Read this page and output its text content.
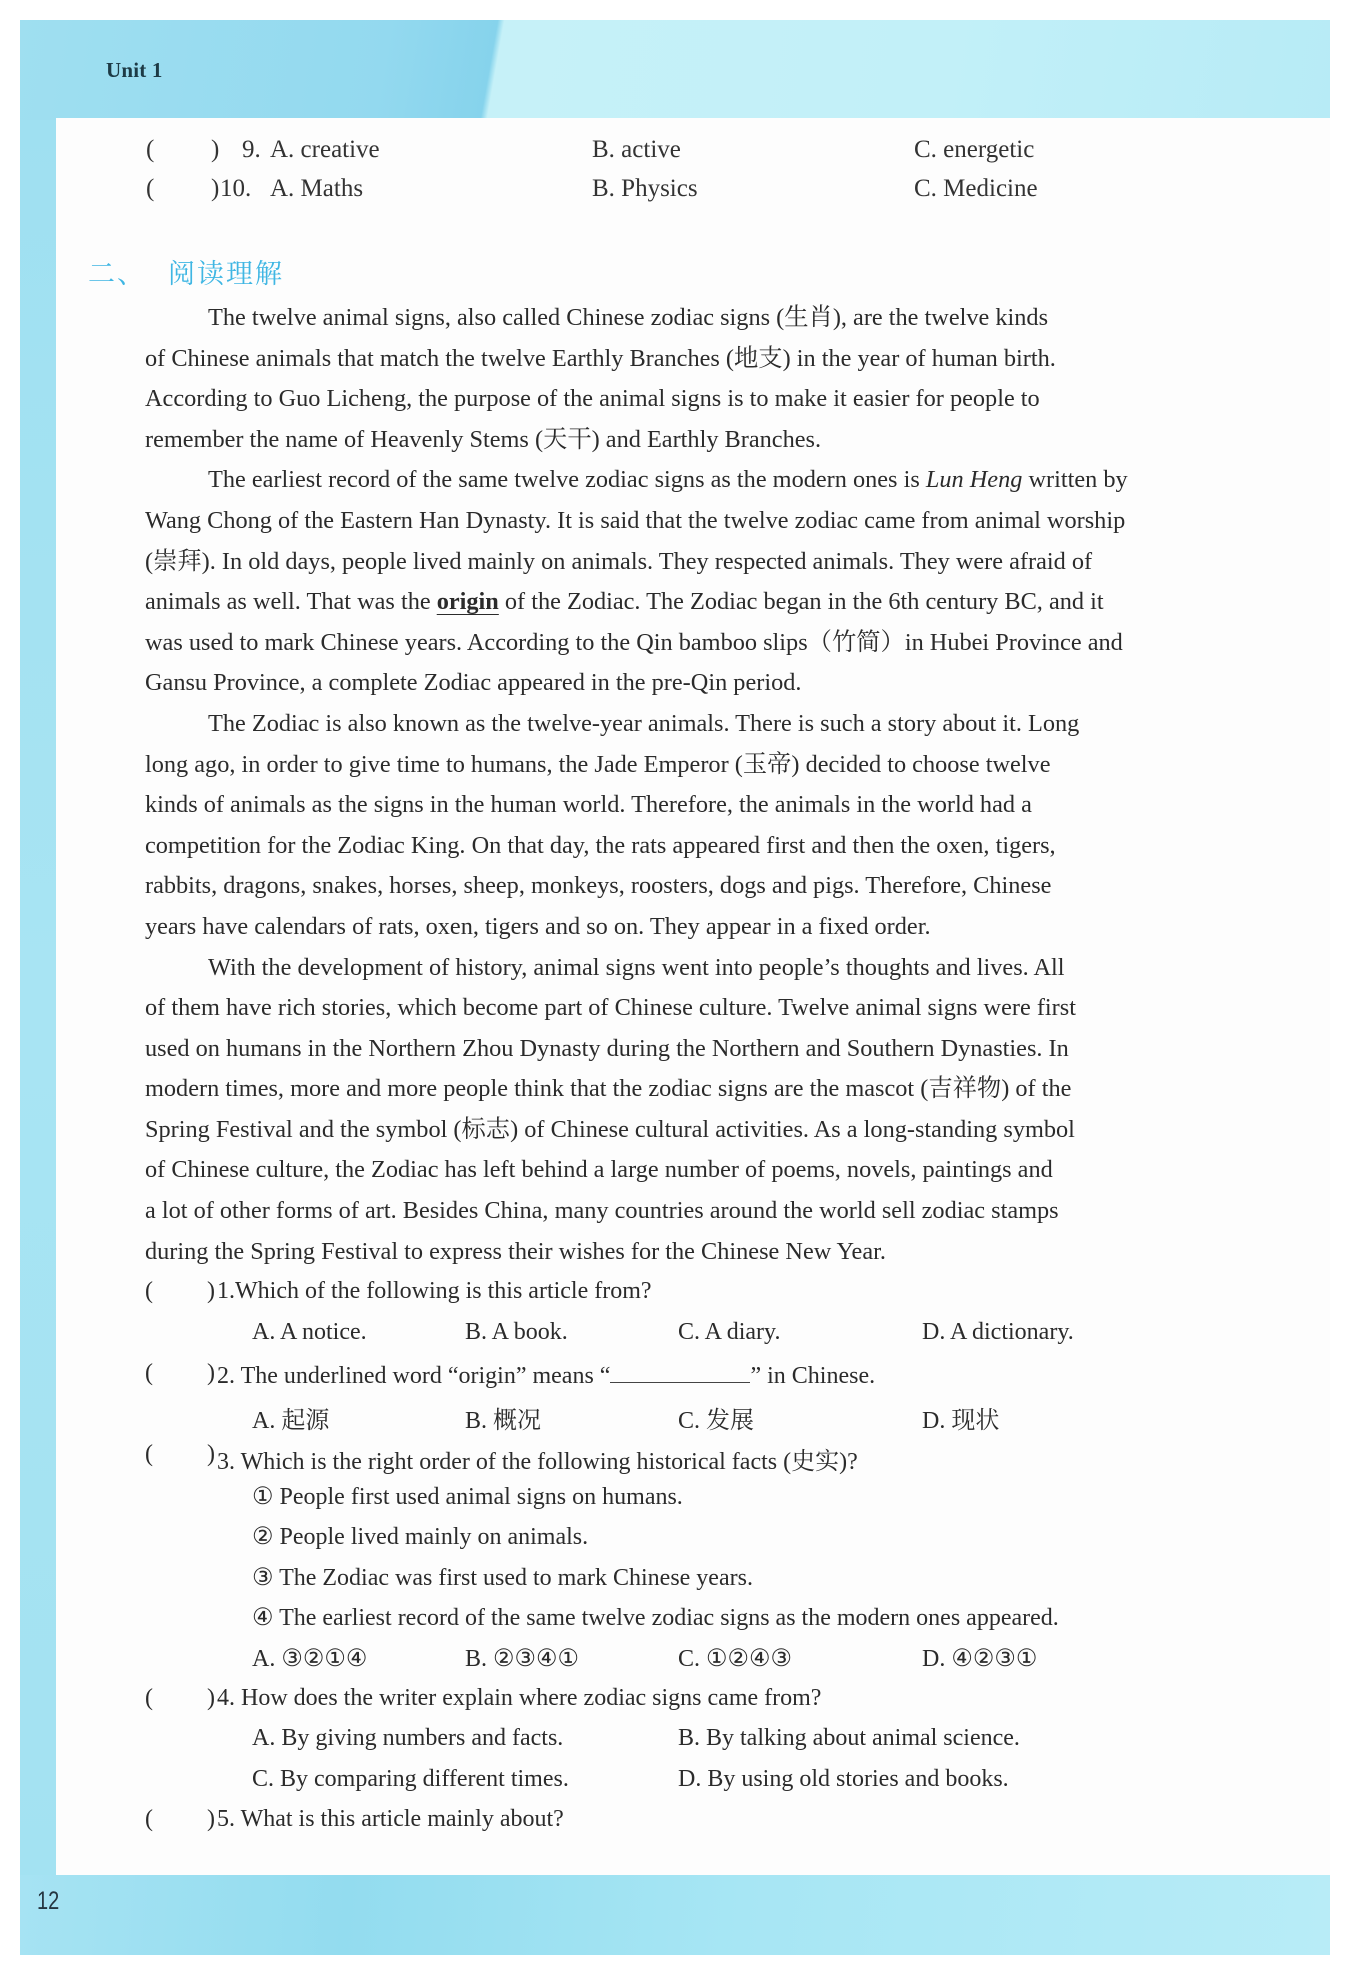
Unit 1
12
( ) 9. A. creative	B. active	C. energetic
( ) 10. A. Maths	B. Physics	C. Medicine
二、 阅读理解
The twelve animal signs, also called Chinese zodiac signs (生肖), are the twelve kinds
of Chinese animals that match the twelve Earthly Branches (地支) in the year of human birth.
According to Guo Licheng, the purpose of the animal signs is to make it easier for people to
remember the name of Heavenly Stems (天干) and Earthly Branches.
The earliest record of the same twelve zodiac signs as the modern ones is Lun Heng written by
Wang Chong of the Eastern Han Dynasty. It is said that the twelve zodiac came from animal worship
(崇拜). In old days, people lived mainly on animals. They respected animals. They were afraid of
animals as well. That was the origin of the Zodiac. The Zodiac began in the 6th century BC, and it
was used to mark Chinese years. According to the Qin bamboo slips（竹简）in Hubei Province and
Gansu Province, a complete Zodiac appeared in the pre-Qin period.
The Zodiac is also known as the twelve-year animals. There is such a story about it. Long
long ago, in order to give time to humans, the Jade Emperor (玉帝) decided to choose twelve
kinds of animals as the signs in the human world. Therefore, the animals in the world had a
competition for the Zodiac King. On that day, the rats appeared first and then the oxen, tigers,
rabbits, dragons, snakes, horses, sheep, monkeys, roosters, dogs and pigs. Therefore, Chinese
years have calendars of rats, oxen, tigers and so on. They appear in a fixed order.
With the development of history, animal signs went into people’s thoughts and lives. All
of them have rich stories, which become part of Chinese culture. Twelve animal signs were first
used on humans in the Northern Zhou Dynasty during the Northern and Southern Dynasties. In
modern times, more and more people think that the zodiac signs are the mascot (吉祥物) of the
Spring Festival and the symbol (标志) of Chinese cultural activities. As a long-standing symbol
of Chinese culture, the Zodiac has left behind a large number of poems, novels, paintings and
a lot of other forms of art. Besides China, many countries around the world sell zodiac stamps
during the Spring Festival to express their wishes for the Chinese New Year.
( ) 1.Which of the following is this article from?
A. A notice.	B. A book.	C. A diary.	D. A dictionary.
( ) 2. The underlined word “origin” means “	” in Chinese.
A. 起源	B. 概况	C. 发展	D. 现状
( ) 3. Which is the right order of the following historical facts (史实)?
① People first used animal signs on humans.
② People lived mainly on animals.
③ The Zodiac was first used to mark Chinese years.
④ The earliest record of the same twelve zodiac signs as the modern ones appeared.
A. ③②①④	B. ②③④①	C. ①②④③	D. ④②③①
( ) 4. How does the writer explain where zodiac signs came from?
A. By giving numbers and facts.	B. By talking about animal science.
C. By comparing different times.	D. By using old stories and books.
( ) 5. What is this article mainly about?
